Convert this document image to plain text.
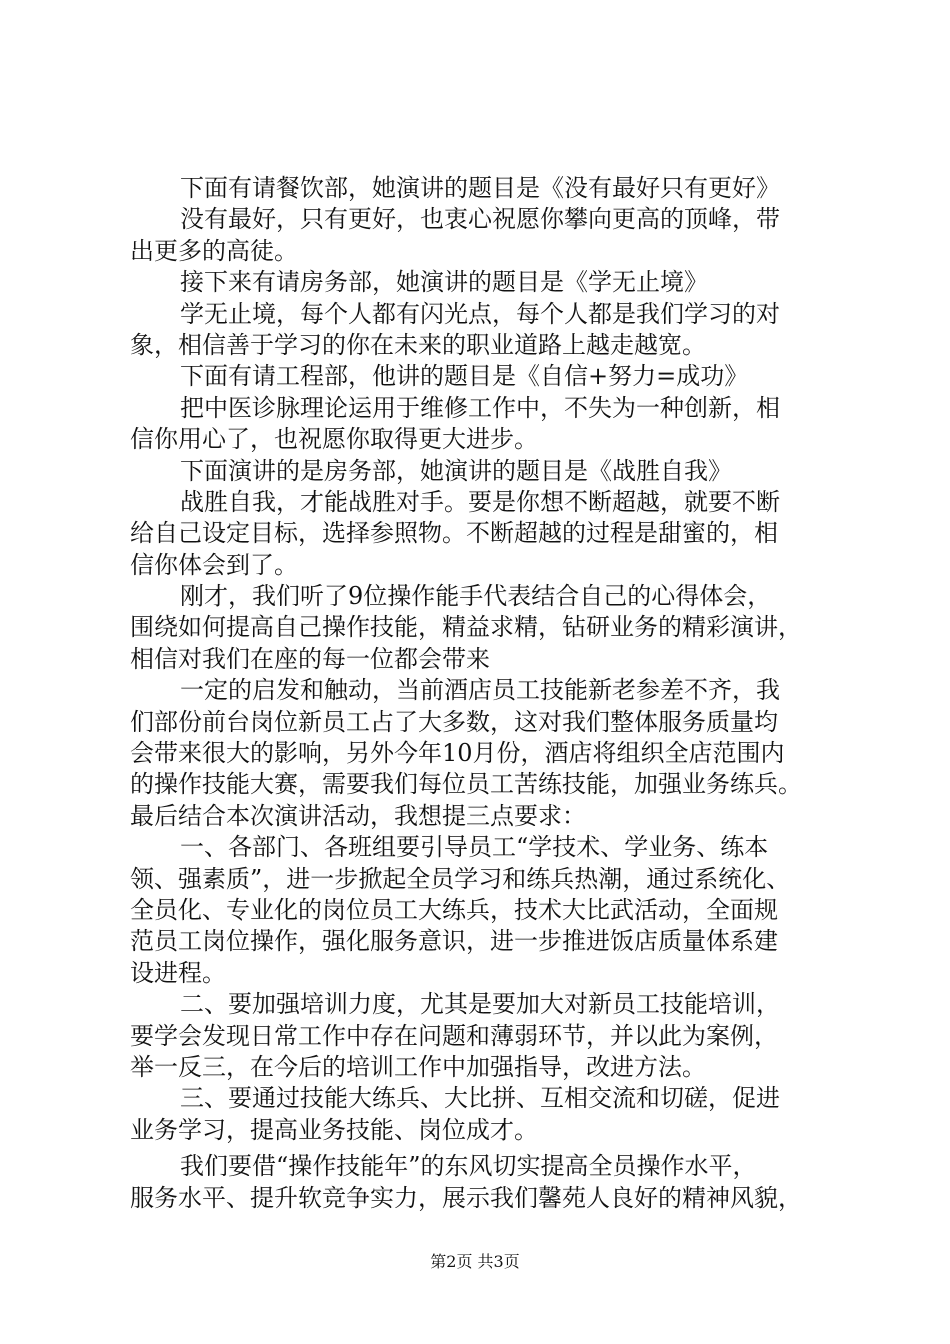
下面有请餐饮部，她演讲的题目是《没有最好只有更好》
没有最好，只有更好，也衷心祝愿你攀向更高的顶峰，带
出更多的高徒。
接下来有请房务部，她演讲的题目是《学无止境》
学无止境，每个人都有闪光点，每个人都是我们学习的对
象，相信善于学习的你在未来的职业道路上越走越宽。
下面有请工程部，他讲的题目是《自信+努力=成功》
把中医诊脉理论运用于维修工作中，不失为一种创新，相
信你用心了，也祝愿你取得更大进步。
下面演讲的是房务部，她演讲的题目是《战胜自我》
战胜自我，才能战胜对手。要是你想不断超越，就要不断
给自己设定目标，选择参照物。不断超越的过程是甜蜜的，相
信你体会到了。
刚才，我们听了9位操作能手代表结合自己的心得体会，
围绕如何提高自己操作技能，精益求精，钻研业务的精彩演讲，
相信对我们在座的每一位都会带来
一定的启发和触动，当前酒店员工技能新老参差不齐，我
们部份前台岗位新员工占了大多数，这对我们整体服务质量均
会带来很大的影响，另外今年10月份，酒店将组织全店范围内
的操作技能大赛，需要我们每位员工苦练技能，加强业务练兵。
最后结合本次演讲活动，我想提三点要求：
一、各部门、各班组要引导员工“学技术、学业务、练本
领、强素质”，进一步掀起全员学习和练兵热潮，通过系统化、
全员化、专业化的岗位员工大练兵，技术大比武活动，全面规
范员工岗位操作，强化服务意识，进一步推进饭店质量体系建
设进程。
二、要加强培训力度，尤其是要加大对新员工技能培训，
要学会发现日常工作中存在问题和薄弱环节，并以此为案例，
举一反三，在今后的培训工作中加强指导，改进方法。
三、要通过技能大练兵、大比拼、互相交流和切磋，促进
业务学习，提高业务技能、岗位成才。
我们要借“操作技能年”的东风切实提高全员操作水平，
服务水平、提升软竞争实力，展示我们馨苑人良好的精神风貌，
第2页 共3页
